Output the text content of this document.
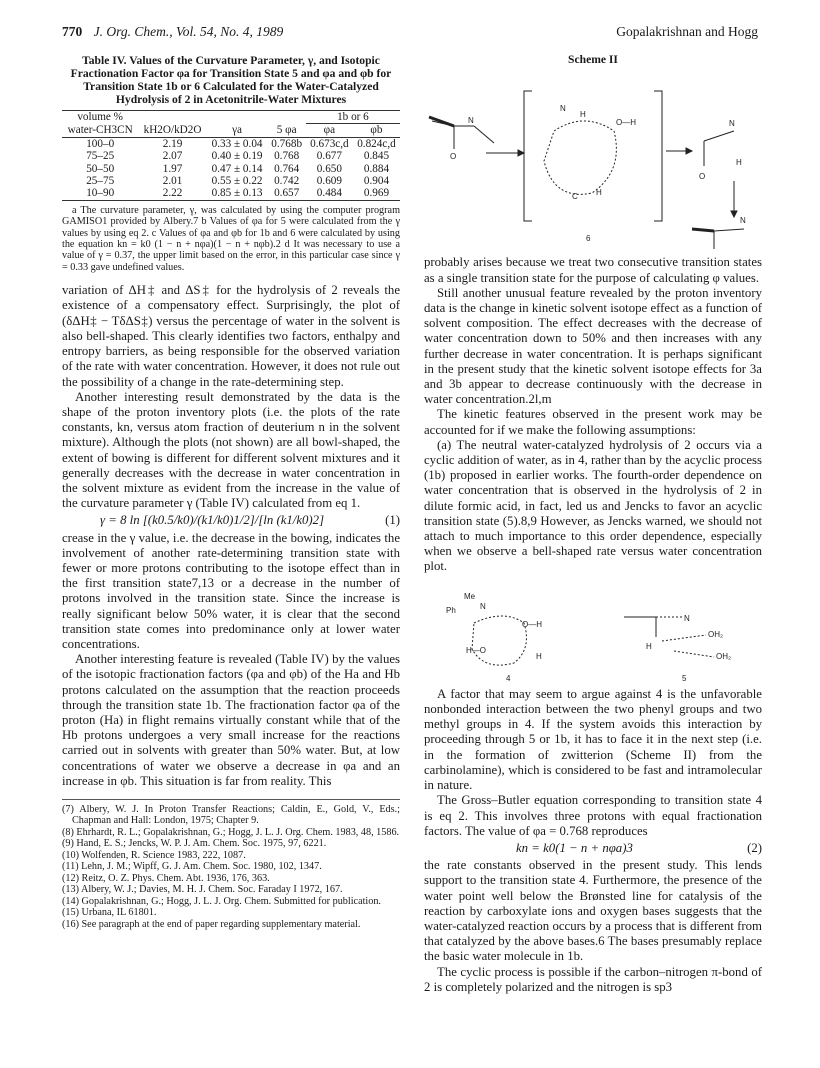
770 J. Org. Chem., Vol. 54, No. 4, 1989	Gopalakrishnan and Hogg
Table IV. Values of the Curvature Parameter, γ, and Isotopic Fractionation Factor φa for Transition State 5 and φa and φb for Transition State 1b or 6 Calculated for the Water-Catalyzed Hydrolysis of 2 in Acetonitrile-Water Mixtures
volume %				1b or 6	
water-CH3CN	kH2O/kD2O	γa	5 φa	φa	φb
100–0	2.19	0.33 ± 0.04	0.768b	0.673c,d	0.824c,d
75–25	2.07	0.40 ± 0.19	0.768	0.677	0.845
50–50	1.97	0.47 ± 0.14	0.764	0.650	0.884
25–75	2.01	0.55 ± 0.22	0.742	0.609	0.904
10–90	2.22	0.85 ± 0.13	0.657	0.484	0.969

a The curvature parameter, γ, was calculated by using the computer program GAMISO1 provided by Albery.7 b Values of φa for 5 were calculated from the γ values by using eq 2. c Values of φa and φb for 1b and 6 were calculated by using the equation kn = k0 (1 − n + nφa)(1 − n + nφb).2 d It was necessary to use a value of γ = 0.37, the upper limit based on the error, in this particular case since γ = 0.33 gave undefined values.

variation of ΔH‡ and ΔS‡ for the hydrolysis of 2 reveals the existence of a compensatory effect. Surprisingly, the plot of (δΔH‡ − TδΔS‡) versus the percentage of water in the solvent is also bell-shaped. This clearly identifies two factors, enthalpy and entropy barriers, as being responsible for the observed variation of the rate with water concentration. However, it does not rule out the possibility of a change in the rate-determining step.

Another interesting result demonstrated by the data is the shape of the proton inventory plots (i.e. the plots of the rate constants, kn, versus atom fraction of deuterium n in the solvent mixture). Although the plots (not shown) are all bowl-shaped, the extent of bowing is different for different solvent mixtures and it generally decreases with the decrease in water concentration in the solvent mixture as evident from the increase in the value of the curvature parameter γ (Table IV) calculated from eq 1.

γ = 8 ln [(k0.5/k0)/(k1/k0)1/2]/[ln (k1/k0)2]	(1)

crease in the γ value, i.e. the decrease in the bowing, indicates the involvement of another rate-determining transition state with fewer or more protons contributing to the isotope effect than in the first transition state7,13 or a decrease in the number of protons involved in the transition state. Since the increase is really significant below 50% water, it is clear that the second transition state comes into predominance only at lower water concentrations.

Another interesting feature is revealed (Table IV) by the values of the isotopic fractionation factors (φa and φb) of the Ha and Hb protons calculated on the assumption that the reaction proceeds through the transition state 1b. The fractionation factor φa of the proton (Ha) in flight remains virtually constant while that of the Hb protons undergoes a very small increase for the reactions carried out in solvents with greater than 50% water. But, at low concentrations of water we observe a decrease in φa and an increase in φb. This situation is far from reality. This

(7) Albery, W. J. In Proton Transfer Reactions; Caldin, E., Gold, V., Eds.; Chapman and Hall: London, 1975; Chapter 9.

(8) Ehrhardt, R. L.; Gopalakrishnan, G.; Hogg, J. L. J. Org. Chem. 1983, 48, 1586.

(9) Hand, E. S.; Jencks, W. P. J. Am. Chem. Soc. 1975, 97, 6221.

(10) Wolfenden, R. Science 1983, 222, 1087.

(11) Lehn, J. M.; Wipff, G. J. Am. Chem. Soc. 1980, 102, 1347.

(12) Reitz, O. Z. Phys. Chem. Abt. 1936, 176, 363.

(13) Albery, W. J.; Davies, M. H. J. Chem. Soc. Faraday I 1972, 167.

(14) Gopalakrishnan, G.; Hogg, J. L. J. Org. Chem. Submitted for publication.

(15) Urbana, IL 61801.

(16) See paragraph at the end of paper regarding supplementary material.

Scheme II
O
N
N
H
O—H
C H
6
N
H
O
N

probably arises because we treat two consecutive transition states as a single transition state for the purpose of calculating φ values.

Still another unusual feature revealed by the proton inventory data is the change in kinetic solvent isotope effect as a function of solvent composition. The effect decreases with the decrease of water concentration down to 50% and then increases with any further decrease in water concentration. It is perhaps significant in the present study that the kinetic solvent isotope effects for 3a and 3b appear to decrease continuously with the decrease in water concentration.2l,m

The kinetic features observed in the present work may be accounted for if we make the following assumptions:

(a) The neutral water-catalyzed hydrolysis of 2 occurs via a cyclic addition of water, as in 4, rather than by the acyclic process (1b) proposed in earlier works. The fourth-order dependence on water concentration that is observed in the hydrolysis of 2 in dilute formic acid, in fact, led us and Jencks to favor an acyclic transition state (5).8,9 However, as Jencks warned, we should not attach to much importance to this order dependence, especially when we observe a bell-shaped rate versus water concentration plot.

Me
Ph	N
O—H
H—O
H
4
N
H
OH₂
OH₂
5

A factor that may seem to argue against 4 is the unfavorable nonbonded interaction between the two phenyl groups and two methyl groups in 4. If the system avoids this interaction by proceeding through 5 or 1b, it has to face it in the next step (i.e. in the formation of zwitterion (Scheme II) from the carbinolamine), which is considered to be fast and intramolecular in nature.

The Gross–Butler equation corresponding to transition state 4 is eq 2. This involves three protons with equal fractionation factors. The value of φa = 0.768 reproduces

kn = k0(1 − n + nφa)3	(2)

the rate constants observed in the present study. This lends support to the transition state 4. Furthermore, the presence of the water point well below the Brønsted line for catalysis of the reaction by carboxylate ions and oxygen bases suggests that the water-catalyzed reaction occurs by a process that is different from that catalyzed by the above bases.6 The bases presumably replace the basic water molecule in 1b.

The cyclic process is possible if the carbon–nitrogen π-bond of 2 is completely polarized and the nitrogen is sp3
